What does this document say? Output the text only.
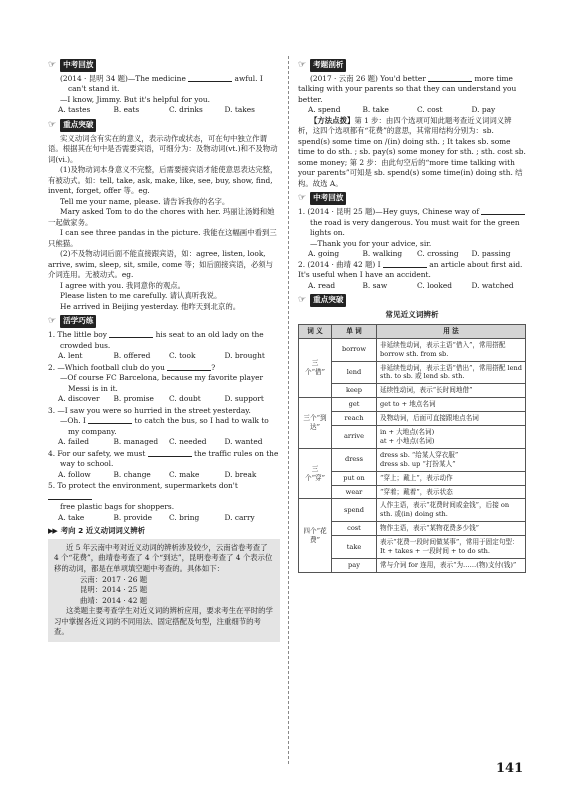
☞ 中考回放

(2014 · 昆明 34 题)—The medicine	awful. I

can't stand it.

—I know, Jimmy. But it's helpful for you.

A. tastes	B. eats	C. drinks	D. takes
☞ 重点突破

实义动词含有实在的意义，表示动作或状态，可在句中独立作谓语。根据其在句中是否需要宾语，可细分为：及物动词(vt.)和不及物动词(vi.)。

(1)及物动词本身意义不完整，后需要接宾语才能使意思表达完整，有被动式。如：tell, take, ask, make, like, see, buy, show, find, invent, forget, offer 等。eg.

Tell me your name, please. 请告诉我你的名字。

Mary asked Tom to do the chores with her. 玛丽让汤姆和她一起做家务。

I can see three pandas in the picture. 我能在这幅画中看到三只熊猫。

(2)不及物动词后面不能直接跟宾语，如：agree, listen, look, arrive, swim, sleep, sit, smile, come 等；如后面接宾语，必须与介词连用。无被动式。eg.

I agree with you. 我同意你的观点。

Please listen to me carefully. 请认真听我说。

He arrived in Beijing yesterday. 他昨天到北京的。

☞ 活学巧练

1. The little boy	his seat to an old lady on the

crowded bus.

A. lent	B. offered	C. took	D. brought

2. —Which football club do you	?

—Of course FC Barcelona, because my favorite player

Messi is in it.

A. discover	B. promise	C. doubt	D. support

3. —I saw you were so hurried in the street yesterday.

—Oh. I	to catch the bus, so I had to walk to

my company.

A. failed	B. managed	C. needed	D. wanted

4. For our safety, we must	the traffic rules on the

way to school.

A. follow	B. change	C. make	D. break

5. To protect the environment, supermarkets don't

free plastic bags for shoppers.

A. take	B. provide	C. bring	D. carry
▶▶ 考向 2 近义动词词义辨析

近 5 年云南中考对近义动词的辨析涉及较少，云南省卷考查了 4 个“花费”，曲靖卷考查了 4 个“到达”，昆明卷考查了 4 个表示位移的动词，都是在单项填空题中考查的。具体如下：

云南：2017 · 26 题

昆明：2014 · 25 题

曲靖：2014 · 42 题

这类题主要考查学生对近义词的辨析应用，要求考生在平时的学习中掌握各近义词的不同用法、固定搭配及句型，注重细节的考查。

☞ 考题剖析

(2017 · 云南 26 题) You'd better	more time talking with your parents so that they can understand you better.

A. spend	B. take	C. cost	D. pay

【方法点拨】第 1 步：由四个选项可知此题考查近义词词义辨析，这四个选项都有“花费”的意思，其常用结构分别为：sb. spend(s) some time on /(in) doing sth. ; It takes sb. some time to do sth. ; sb. pay(s) some money for sth. ; sth. cost sb. some money; 第 2 步：由此句空后的“more time talking with your parents”可知是 sb. spend(s) some time(in) doing sth. 结构。故选 A。

☞ 中考回放

1. (2014 · 昆明 25 题)—Hey guys, Chinese way of

the road is very dangerous. You must wait for the green lights on.

—Thank you for your advice, sir.

A. going	B. walking	C. crossing	D. passing

2. (2014 · 曲靖 42 题) I	an article about first aid. It's useful when I have an accident.

A. read	B. saw	C. looked	D. watched
☞ 重点突破
常见近义词辨析
词 义	单 词	用 法
三个“借”	borrow	非延续性动词，表示主语“借入”，常用搭配 borrow sth. from sb.
	lend	非延续性动词，表示主语“借出”，常用搭配 lend sth. to sb. 或 lend sb. sth.
	keep	延续性动词，表示“长时间地借”
三个“到达”	get	get to + 地点名词
	reach	及物动词，后面可直接跟地点名词
	arrive	in + 大地点(名词)
at + 小地点(名词)

三个“穿”	dress	dress sb. “给某人穿衣服”
dress sb. up “打扮某人”

	put on	“穿上；戴上”，表示动作
	wear	“穿着；戴着”，表示状态
四个“花费”	spend	人作主语，表示“花费时间或金钱”，后接 on sth. 或(in) doing sth.
	cost	物作主语，表示“某物花费多少钱”
	take	表示“花费一段时间做某事”，常用于固定句型：It + takes + 一段时间 + to do sth.
	pay	常与介词 for 连用，表示“为……(物)支付(钱)”
141
